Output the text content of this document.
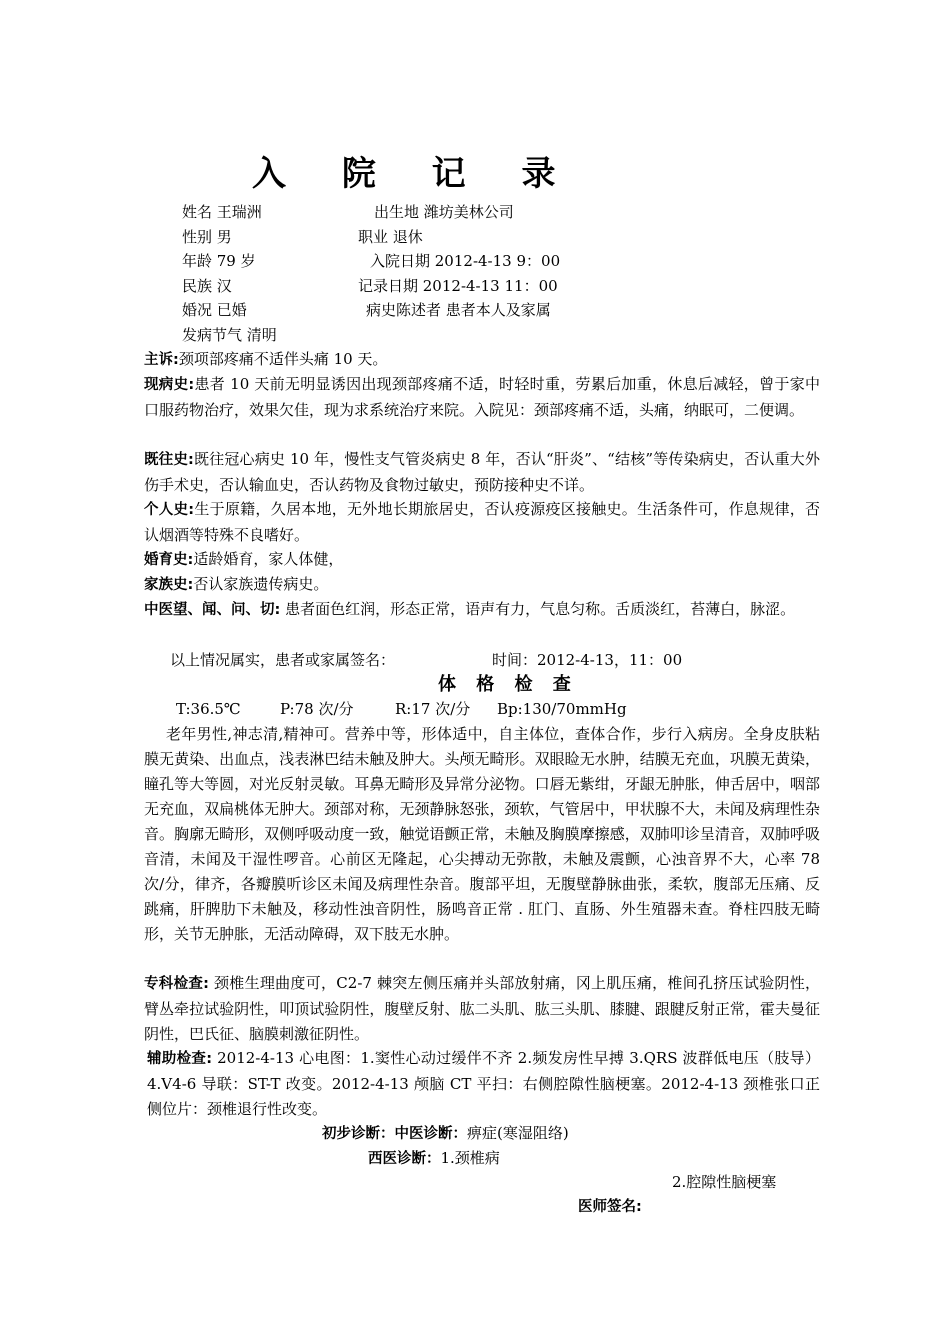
入 院 记 录
姓名 王瑞洲	出生地 潍坊美林公司
性别 男	职业 退休
年龄 79 岁	入院日期 2012-4-13 9：00
民族 汉	记录日期 2012-4-13 11：00
婚况 已婚	病史陈述者 患者本人及家属
发病节气 清明
主诉:颈项部疼痛不适伴头痛 10 天。
现病史:患者 10 天前无明显诱因出现颈部疼痛不适，时轻时重，劳累后加重，休息后减轻，曾于家中口服药物治疗，效果欠佳，现为求系统治疗来院。入院见：颈部疼痛不适，头痛，纳眠可，二便调。
既往史:既往冠心病史 10 年，慢性支气管炎病史 8 年，否认“肝炎”、“结核”等传染病史，否认重大外伤手术史，否认输血史，否认药物及食物过敏史，预防接种史不详。
个人史:生于原籍，久居本地，无外地长期旅居史，否认疫源疫区接触史。生活条件可，作息规律，否认烟酒等特殊不良嗜好。
婚育史:适龄婚育，家人体健，
家族史:否认家族遗传病史。
中医望、闻、问、切: 患者面色红润，形态正常，语声有力，气息匀称。舌质淡红，苔薄白，脉涩。
以上情况属实，患者或家属签名：	时间：2012-4-13，11：00
体 格 检 查
T:36.5℃	P:78 次/分	R:17 次/分 Bp:130/70mmHg
老年男性,神志清,精神可。营养中等，形体适中，自主体位，查体合作，步行入病房。全身皮肤粘膜无黄染、出血点，浅表淋巴结未触及肿大。头颅无畸形。双眼睑无水肿，结膜无充血，巩膜无黄染，瞳孔等大等圆，对光反射灵敏。耳鼻无畸形及异常分泌物。口唇无紫绀，牙龈无肿胀，伸舌居中，咽部无充血，双扁桃体无肿大。颈部对称，无颈静脉怒张，颈软，气管居中，甲状腺不大，未闻及病理性杂音。胸廓无畸形，双侧呼吸动度一致，触觉语颤正常，未触及胸膜摩擦感，双肺叩诊呈清音，双肺呼吸音清，未闻及干湿性啰音。心前区无隆起，心尖搏动无弥散，未触及震颤，心浊音界不大，心率 78 次/分，律齐，各瓣膜听诊区未闻及病理性杂音。腹部平坦，无腹壁静脉曲张，柔软，腹部无压痛、反跳痛，肝脾肋下未触及，移动性浊音阴性，肠鸣音正常 . 肛门、直肠、外生殖器未查。脊柱四肢无畸形，关节无肿胀，无活动障碍，双下肢无水肿。
专科检查: 颈椎生理曲度可，C2-7 棘突左侧压痛并头部放射痛，冈上肌压痛，椎间孔挤压试验阴性，臂丛牵拉试验阴性，叩顶试验阴性，腹壁反射、肱二头肌、肱三头肌、膝腱、跟腱反射正常，霍夫曼征阴性，巴氏征、脑膜刺激征阴性。
辅助检查: 2012-4-13 心电图：1.窦性心动过缓伴不齐 2.频发房性早搏 3.QRS 波群低电压（肢导）4.V4-6 导联：ST-T 改变。2012-4-13 颅脑 CT 平扫：右侧腔隙性脑梗塞。2012-4-13 颈椎张口正侧位片：颈椎退行性改变。
初步诊断：中医诊断：痹症(寒湿阻络)
西医诊断：1.颈椎病
2.腔隙性脑梗塞
医师签名:
